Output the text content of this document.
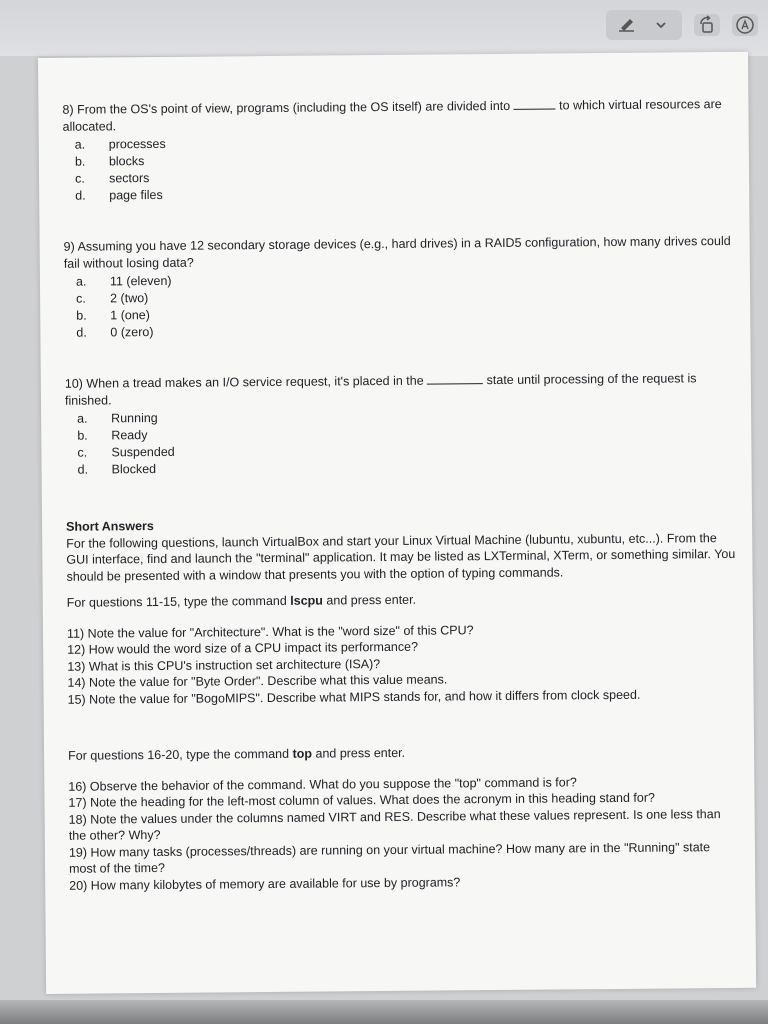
8) From the OS's point of view, programs (including the OS itself) are divided into	to which virtual resources are allocated.

a.	processes
b.	blocks
c.	sectors
d.	page files

9) Assuming you have 12 secondary storage devices (e.g., hard drives) in a RAID5 configuration, how many drives could fail without losing data?

a.	11 (eleven)
c.	2 (two)
b.	1 (one)
d.	0 (zero)

10) When a tread makes an I/O service request, it's placed in the	state until processing of the request is finished.

a.	Running
b.	Ready
c.	Suspended
d.	Blocked

Short Answers

For the following questions, launch VirtualBox and start your Linux Virtual Machine (lubuntu, xubuntu, etc...). From the GUI interface, find and launch the "terminal" application. It may be listed as LXTerminal, XTerm, or something similar. You should be presented with a window that presents you with the option of typing commands.

For questions 11-15, type the command lscpu and press enter.

11) Note the value for "Architecture". What is the "word size" of this CPU?
12) How would the word size of a CPU impact its performance?
13) What is this CPU's instruction set architecture (ISA)?
14) Note the value for "Byte Order". Describe what this value means.
15) Note the value for "BogoMIPS". Describe what MIPS stands for, and how it differs from clock speed.

For questions 16-20, type the command top and press enter.

16) Observe the behavior of the command. What do you suppose the "top" command is for?
17) Note the heading for the left-most column of values. What does the acronym in this heading stand for?
18) Note the values under the columns named VIRT and RES. Describe what these values represent. Is one less than the other? Why?
19) How many tasks (processes/threads) are running on your virtual machine? How many are in the "Running" state most of the time?
20) How many kilobytes of memory are available for use by programs?
